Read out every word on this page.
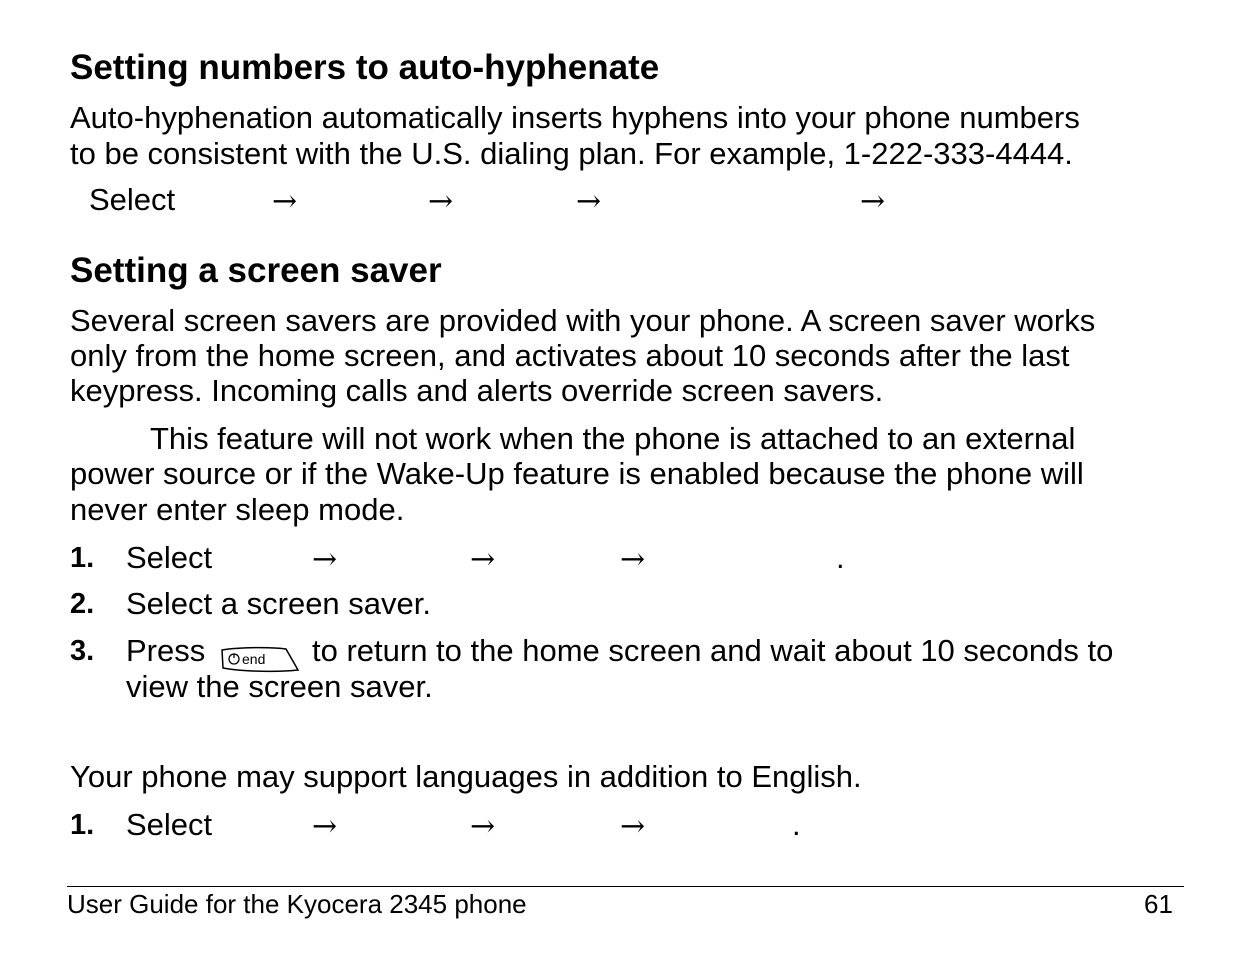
Setting numbers to auto-hyphenate
Auto-hyphenation automatically inserts hyphens into your phone numbers
to be consistent with the U.S. dialing plan. For example, 1-222-333-4444.
Select	→	→	→	→
Setting a screen saver
Several screen savers are provided with your phone. A screen saver works
only from the home screen, and activates about 10 seconds after the last
keypress. Incoming calls and alerts override screen savers.
This feature will not work when the phone is attached to an external
power source or if the Wake-Up feature is enabled because the phone will
never enter sleep mode.
1. Select	→	→	→	.
2. Select a screen saver.
3. Press	end to return to the home screen and wait about 10 seconds to
view the screen saver.
Your phone may support languages in addition to English.
1. Select	→	→	→	.
User Guide for the Kyocera 2345 phone	61
